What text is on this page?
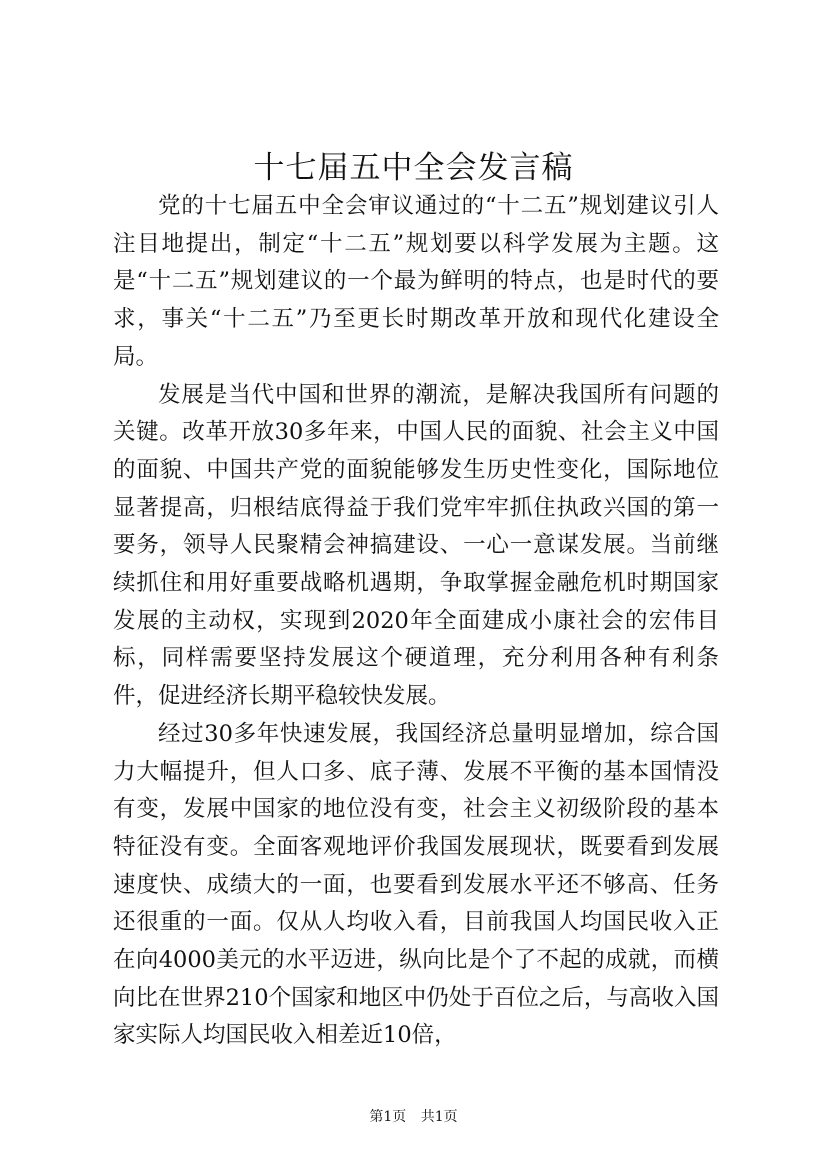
十七届五中全会发言稿

党的十七届五中全会审议通过的“十二五”规划建议引人注目地提出，制定“十二五”规划要以科学发展为主题。这是“十二五”规划建议的一个最为鲜明的特点，也是时代的要求，事关“十二五”乃至更长时期改革开放和现代化建设全局。

发展是当代中国和世界的潮流，是解决我国所有问题的关键。改革开放30多年来，中国人民的面貌、社会主义中国的面貌、中国共产党的面貌能够发生历史性变化，国际地位显著提高，归根结底得益于我们党牢牢抓住执政兴国的第一要务，领导人民聚精会神搞建设、一心一意谋发展。当前继续抓住和用好重要战略机遇期，争取掌握金融危机时期国家发展的主动权，实现到2020年全面建成小康社会的宏伟目标，同样需要坚持发展这个硬道理，充分利用各种有利条件，促进经济长期平稳较快发展。

经过30多年快速发展，我国经济总量明显增加，综合国力大幅提升，但人口多、底子薄、发展不平衡的基本国情没有变，发展中国家的地位没有变，社会主义初级阶段的基本特征没有变。全面客观地评价我国发展现状，既要看到发展速度快、成绩大的一面，也要看到发展水平还不够高、任务还很重的一面。仅从人均收入看，目前我国人均国民收入正在向4000美元的水平迈进，纵向比是个了不起的成就，而横向比在世界210个国家和地区中仍处于百位之后，与高收入国家实际人均国民收入相差近10倍，

第1页 共1页
